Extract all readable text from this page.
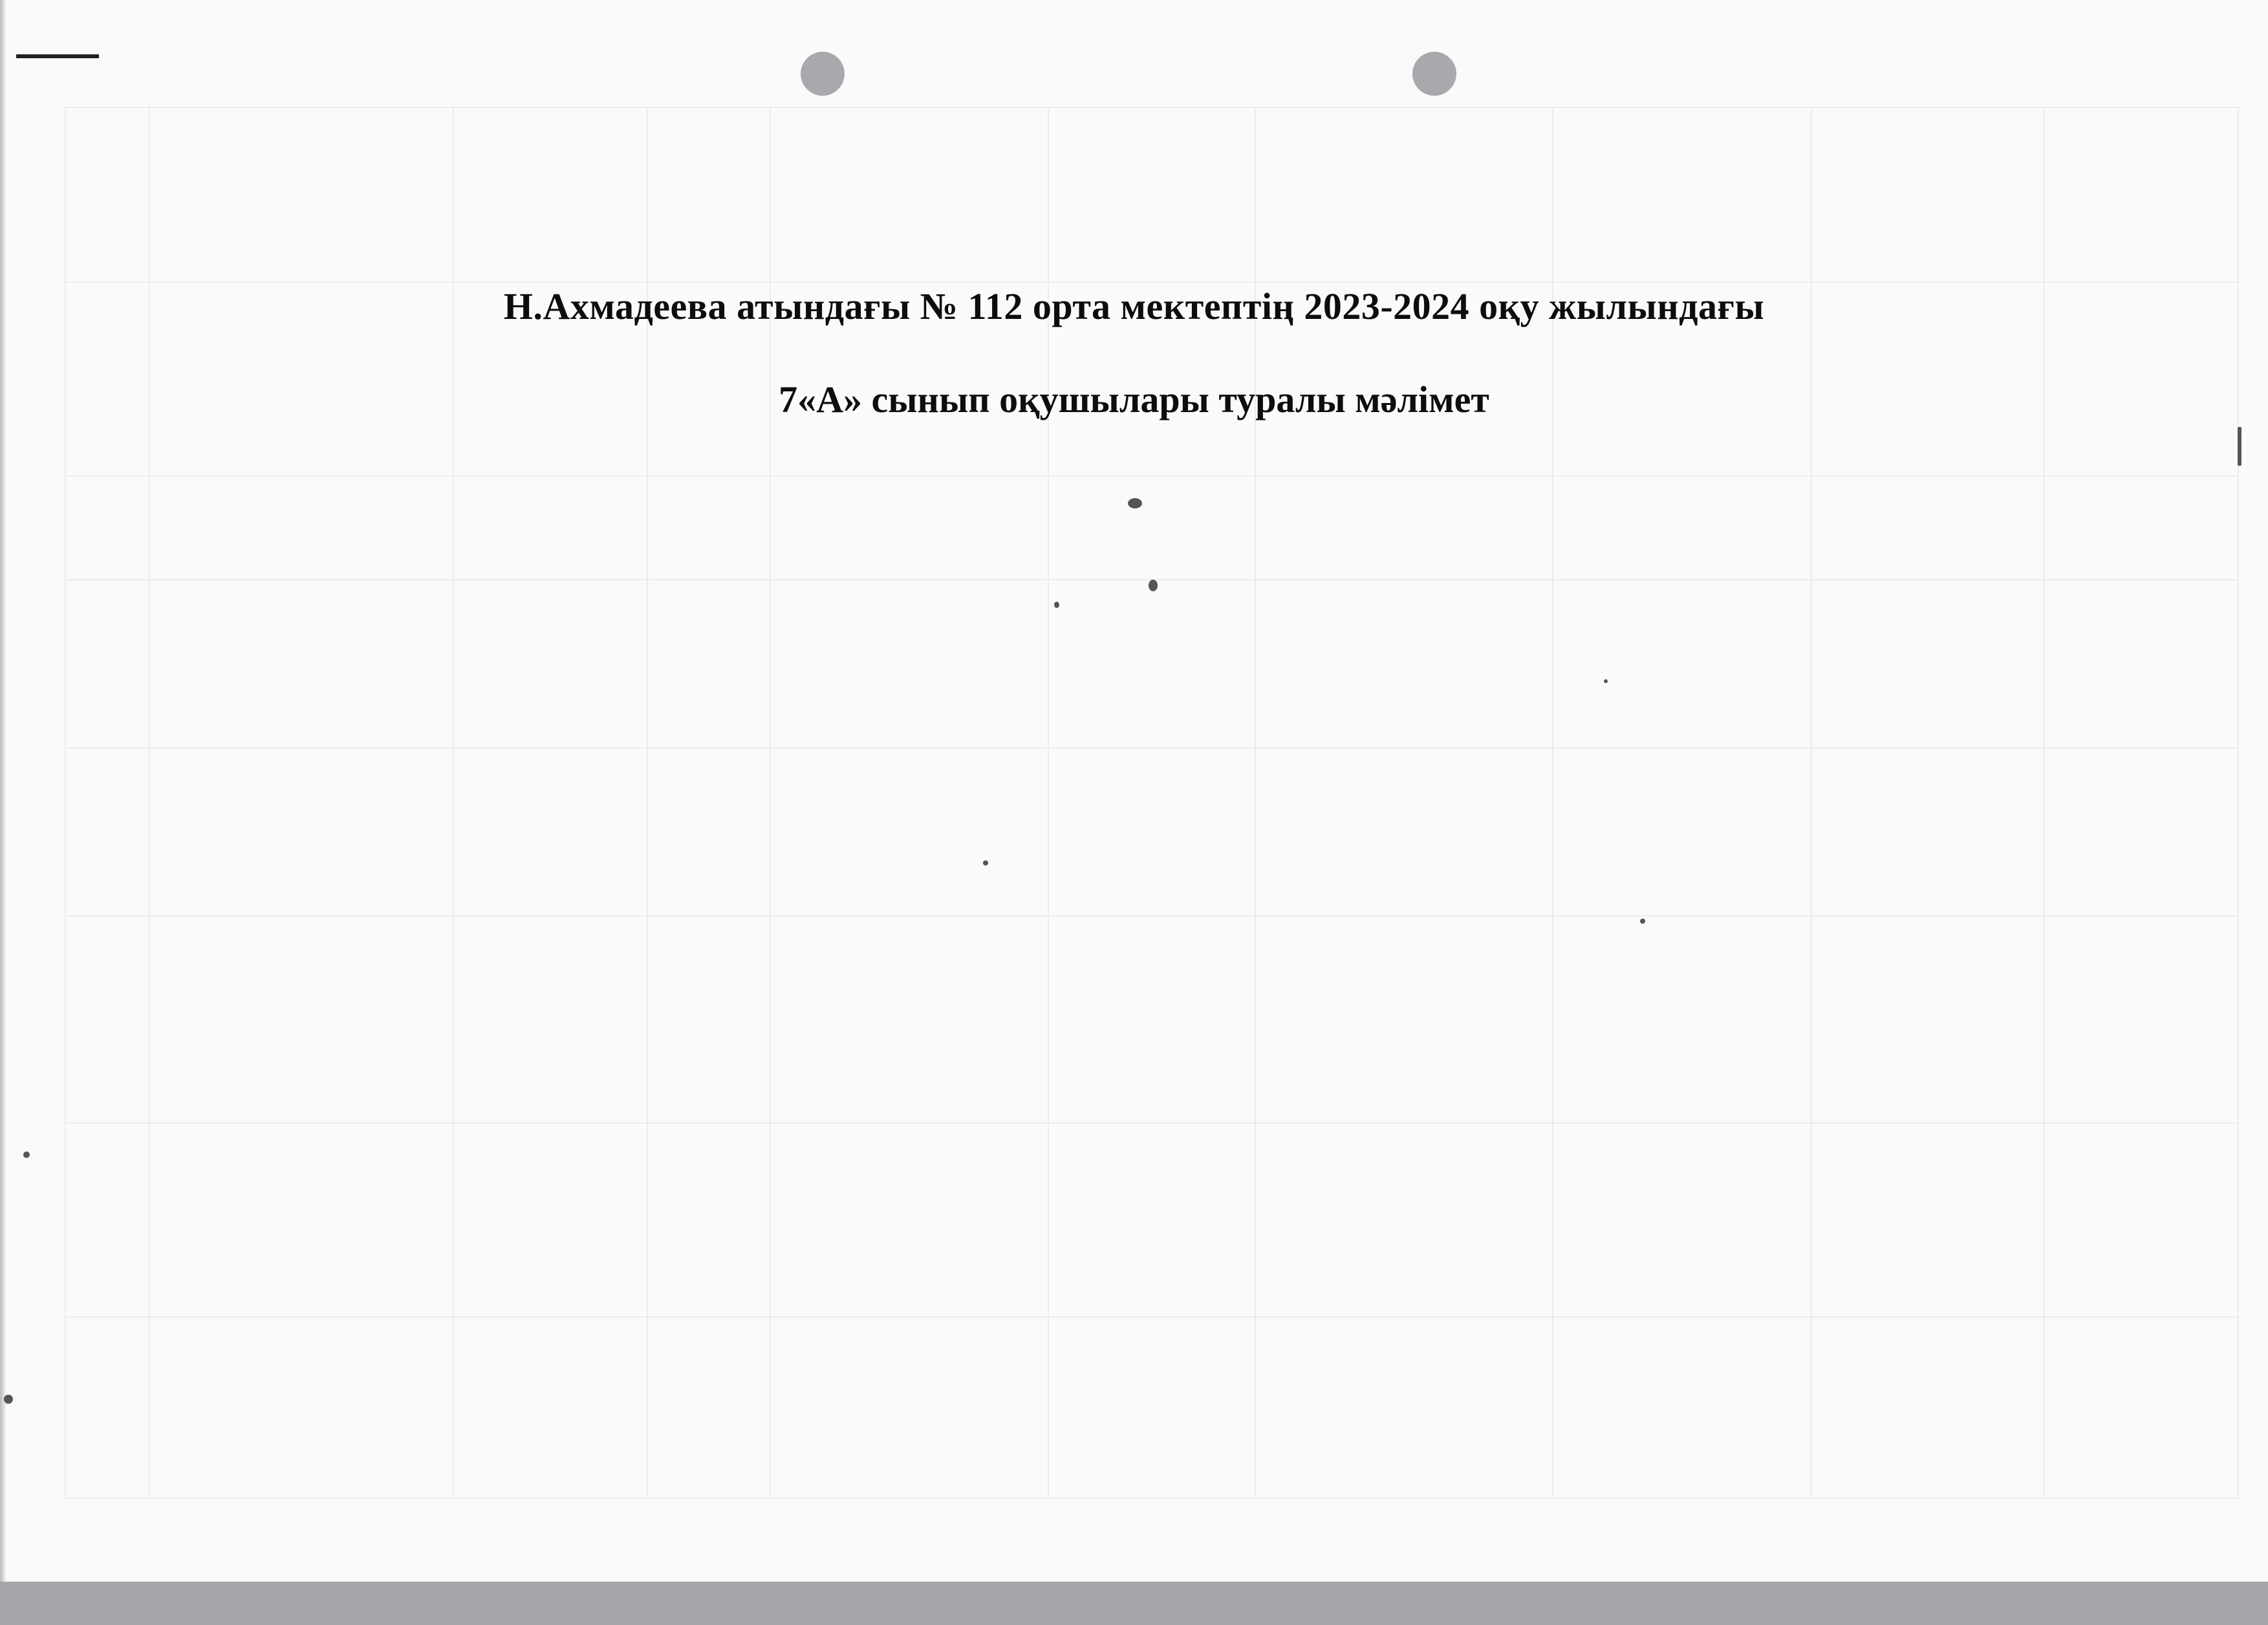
Н.Ахмадеева атындағы № 112 орта мектептің 2023-2024 оқу жылындағы
7«А» сынып оқушылары туралы мәлімет
